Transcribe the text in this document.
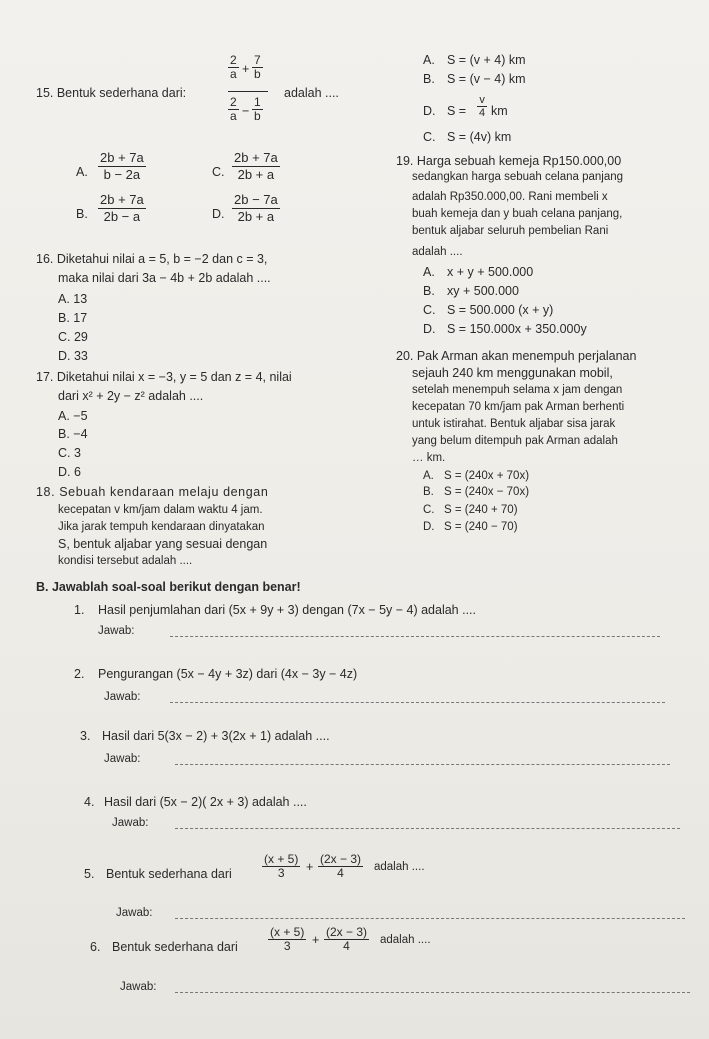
15. Bentuk sederhana dari:
$\frac{2}{a} + \frac{7}{b}$
$\frac{2}{a} - \frac{1}{b}$
adalah ....
A. $\frac{2b + 7a}{b - 2a}$	C. $\frac{2b + 7a}{2b + a}$
B. $\frac{2b + 7a}{2b - a}$	D. $\frac{2b - 7a}{2b + a}$
A. S = (v + 4) km
B. S = (v − 4) km
D. $S = \frac{v}{4}$ km
C. S = (4v) km
19. Harga sebuah kemeja Rp150.000,00
sedangkan harga sebuah celana panjang
adalah Rp350.000,00. Rani membeli x
buah kemeja dan y buah celana panjang,
bentuk aljabar seluruh pembelian Rani
adalah ....
A. x + y + 500.000
B. xy + 500.000
C. S = 500.000 (x + y)
D. S = 150.000x + 350.000y
16. Diketahui nilai a = 5, b = −2 dan c = 3,
maka nilai dari 3a − 4b + 2b adalah ....
A. 13
B. 17
C. 29
D. 33	20. Pak Arman akan menempuh perjalanan
sejauh 240 km menggunakan mobil,
setelah menempuh selama x jam dengan
kecepatan 70 km/jam pak Arman berhenti
untuk istirahat. Bentuk aljabar sisa jarak
yang belum ditempuh pak Arman adalah
… km.
A. S = (240x + 70x)
B. S = (240x − 70x)
C. S = (240 + 70)
D. S = (240 − 70)
17. Diketahui nilai x = −3, y = 5 dan z = 4, nilai
dari x² + 2y − z² adalah ....
A. −5
B. −4
C. 3
D. 6
18. Sebuah kendaraan melaju dengan
kecepatan v km/jam dalam waktu 4 jam.
Jika jarak tempuh kendaraan dinyatakan
S, bentuk aljabar yang sesuai dengan
kondisi tersebut adalah ....
B. Jawablah soal-soal berikut dengan benar!
1. Hasil penjumlahan dari (5x + 9y + 3) dengan (7x − 5y − 4) adalah ....
Jawab:
2. Pengurangan (5x − 4y + 3z) dari (4x − 3y − 4z)
Jawab:
3. Hasil dari 5(3x − 2) + 3(2x + 1) adalah ....
Jawab:
4. Hasil dari (5x − 2)( 2x + 3) adalah ....
Jawab:
5. Bentuk sederhana dari	$\frac{(x + 5)}{3} + \frac{(2x - 3)}{4}$ adalah ....
Jawab:
6. Bentuk sederhana dari	$\frac{(x + 5)}{3} + \frac{(2x - 3)}{4}$ adalah ....
Jawab:
